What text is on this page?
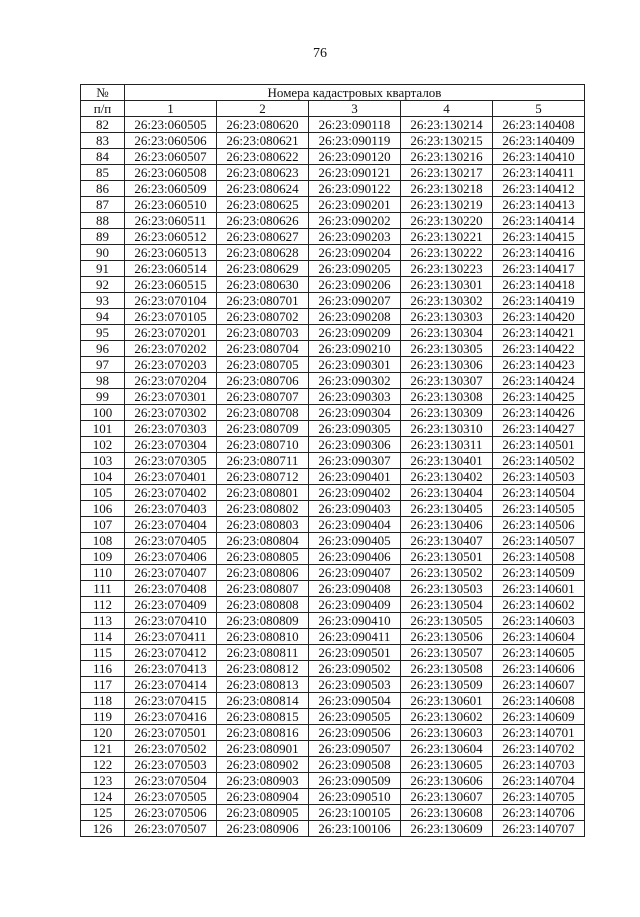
76
№	Номера кадастровых кварталов				
п/п	1	2	3	4	5
82	26:23:060505	26:23:080620	26:23:090118	26:23:130214	26:23:140408
83	26:23:060506	26:23:080621	26:23:090119	26:23:130215	26:23:140409
84	26:23:060507	26:23:080622	26:23:090120	26:23:130216	26:23:140410
85	26:23:060508	26:23:080623	26:23:090121	26:23:130217	26:23:140411
86	26:23:060509	26:23:080624	26:23:090122	26:23:130218	26:23:140412
87	26:23:060510	26:23:080625	26:23:090201	26:23:130219	26:23:140413
88	26:23:060511	26:23:080626	26:23:090202	26:23:130220	26:23:140414
89	26:23:060512	26:23:080627	26:23:090203	26:23:130221	26:23:140415
90	26:23:060513	26:23:080628	26:23:090204	26:23:130222	26:23:140416
91	26:23:060514	26:23:080629	26:23:090205	26:23:130223	26:23:140417
92	26:23:060515	26:23:080630	26:23:090206	26:23:130301	26:23:140418
93	26:23:070104	26:23:080701	26:23:090207	26:23:130302	26:23:140419
94	26:23:070105	26:23:080702	26:23:090208	26:23:130303	26:23:140420
95	26:23:070201	26:23:080703	26:23:090209	26:23:130304	26:23:140421
96	26:23:070202	26:23:080704	26:23:090210	26:23:130305	26:23:140422
97	26:23:070203	26:23:080705	26:23:090301	26:23:130306	26:23:140423
98	26:23:070204	26:23:080706	26:23:090302	26:23:130307	26:23:140424
99	26:23:070301	26:23:080707	26:23:090303	26:23:130308	26:23:140425
100	26:23:070302	26:23:080708	26:23:090304	26:23:130309	26:23:140426
101	26:23:070303	26:23:080709	26:23:090305	26:23:130310	26:23:140427
102	26:23:070304	26:23:080710	26:23:090306	26:23:130311	26:23:140501
103	26:23:070305	26:23:080711	26:23:090307	26:23:130401	26:23:140502
104	26:23:070401	26:23:080712	26:23:090401	26:23:130402	26:23:140503
105	26:23:070402	26:23:080801	26:23:090402	26:23:130404	26:23:140504
106	26:23:070403	26:23:080802	26:23:090403	26:23:130405	26:23:140505
107	26:23:070404	26:23:080803	26:23:090404	26:23:130406	26:23:140506
108	26:23:070405	26:23:080804	26:23:090405	26:23:130407	26:23:140507
109	26:23:070406	26:23:080805	26:23:090406	26:23:130501	26:23:140508
110	26:23:070407	26:23:080806	26:23:090407	26:23:130502	26:23:140509
111	26:23:070408	26:23:080807	26:23:090408	26:23:130503	26:23:140601
112	26:23:070409	26:23:080808	26:23:090409	26:23:130504	26:23:140602
113	26:23:070410	26:23:080809	26:23:090410	26:23:130505	26:23:140603
114	26:23:070411	26:23:080810	26:23:090411	26:23:130506	26:23:140604
115	26:23:070412	26:23:080811	26:23:090501	26:23:130507	26:23:140605
116	26:23:070413	26:23:080812	26:23:090502	26:23:130508	26:23:140606
117	26:23:070414	26:23:080813	26:23:090503	26:23:130509	26:23:140607
118	26:23:070415	26:23:080814	26:23:090504	26:23:130601	26:23:140608
119	26:23:070416	26:23:080815	26:23:090505	26:23:130602	26:23:140609
120	26:23:070501	26:23:080816	26:23:090506	26:23:130603	26:23:140701
121	26:23:070502	26:23:080901	26:23:090507	26:23:130604	26:23:140702
122	26:23:070503	26:23:080902	26:23:090508	26:23:130605	26:23:140703
123	26:23:070504	26:23:080903	26:23:090509	26:23:130606	26:23:140704
124	26:23:070505	26:23:080904	26:23:090510	26:23:130607	26:23:140705
125	26:23:070506	26:23:080905	26:23:100105	26:23:130608	26:23:140706
126	26:23:070507	26:23:080906	26:23:100106	26:23:130609	26:23:140707
